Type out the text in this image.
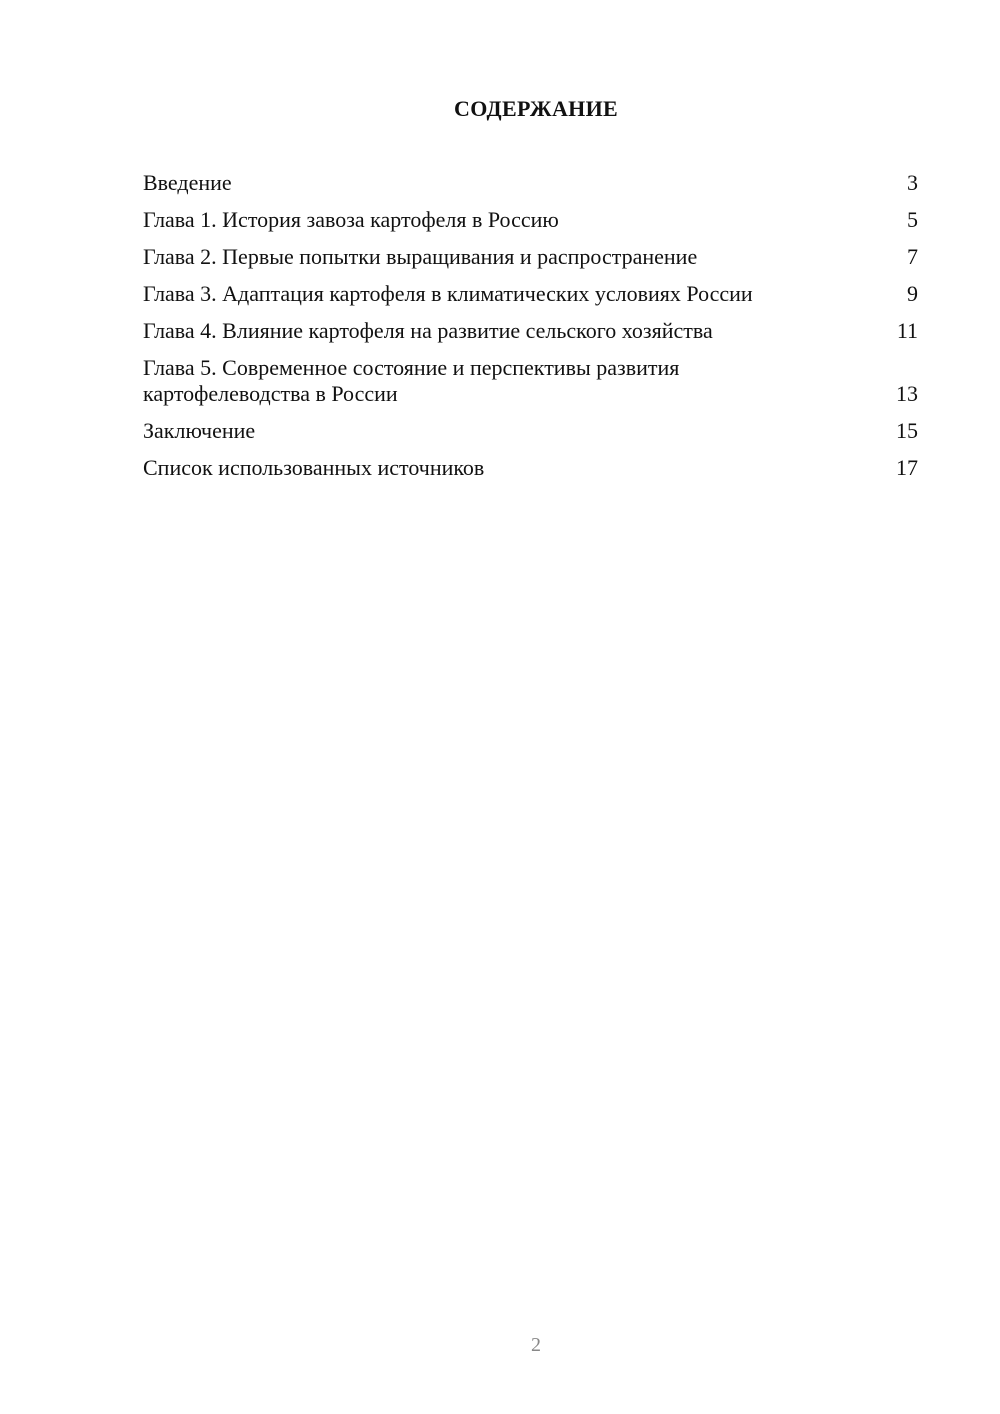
СОДЕРЖАНИЕ
Введение	3
Глава 1. История завоза картофеля в Россию	5
Глава 2. Первые попытки выращивания и распространение	7
Глава 3. Адаптация картофеля в климатических условиях России	9
Глава 4. Влияние картофеля на развитие сельского хозяйства	11
Глава 5. Современное состояние и перспективы развития картофелеводства в России	13
Заключение	15
Список использованных источников	17
2
